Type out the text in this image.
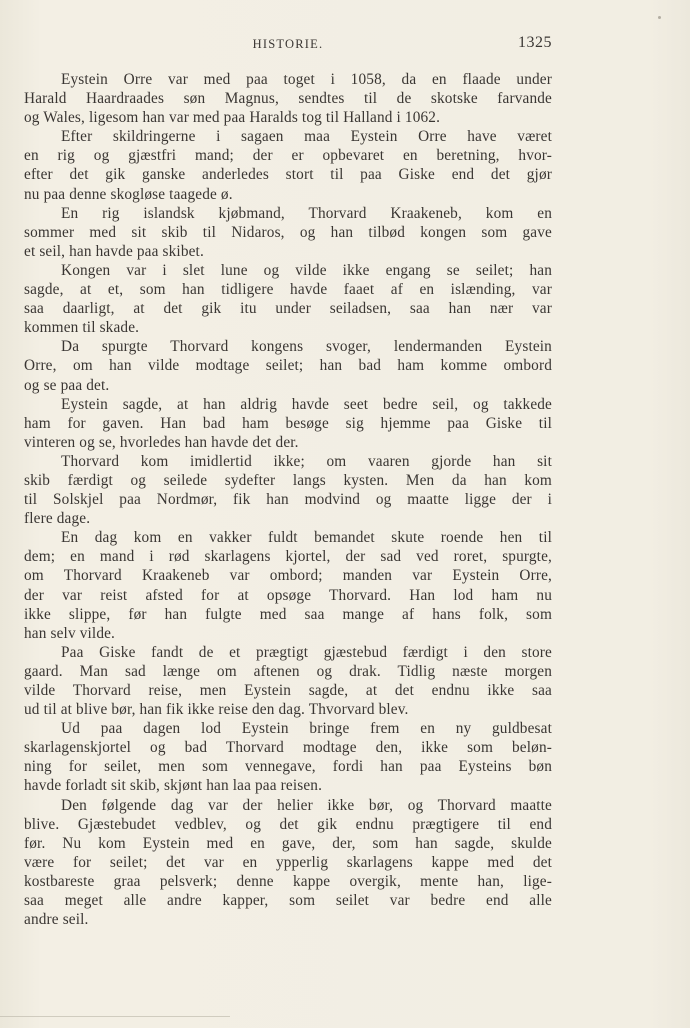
HISTORIE.	1325
Eystein Orre var med paa toget i 1058, da en flaade under
Harald Haardraades søn Magnus, sendtes til de skotske farvande
og Wales, ligesom han var med paa Haralds tog til Halland i 1062.
Efter skildringerne i sagaen maa Eystein Orre have været
en rig og gjæstfri mand; der er opbevaret en beretning, hvor-
efter det gik ganske anderledes stort til paa Giske end det gjør
nu paa denne skogløse taagede ø.
En rig islandsk kjøbmand, Thorvard Kraakeneb, kom en
sommer med sit skib til Nidaros, og han tilbød kongen som gave
et seil, han havde paa skibet.
Kongen var i slet lune og vilde ikke engang se seilet; han
sagde, at et, som han tidligere havde faaet af en islænding, var
saa daarligt, at det gik itu under seiladsen, saa han nær var
kommen til skade.
Da spurgte Thorvard kongens svoger, lendermanden Eystein
Orre, om han vilde modtage seilet; han bad ham komme ombord
og se paa det.
Eystein sagde, at han aldrig havde seet bedre seil, og takkede
ham for gaven. Han bad ham besøge sig hjemme paa Giske til
vinteren og se, hvorledes han havde det der.
Thorvard kom imidlertid ikke; om vaaren gjorde han sit
skib færdigt og seilede sydefter langs kysten. Men da han kom
til Solskjel paa Nordmør, fik han modvind og maatte ligge der i
flere dage.
En dag kom en vakker fuldt bemandet skute roende hen til
dem; en mand i rød skarlagens kjortel, der sad ved roret, spurgte,
om Thorvard Kraakeneb var ombord; manden var Eystein Orre,
der var reist afsted for at opsøge Thorvard. Han lod ham nu
ikke slippe, før han fulgte med saa mange af hans folk, som
han selv vilde.
Paa Giske fandt de et prægtigt gjæstebud færdigt i den store
gaard. Man sad længe om aftenen og drak. Tidlig næste morgen
vilde Thorvard reise, men Eystein sagde, at det endnu ikke saa
ud til at blive bør, han fik ikke reise den dag. Thvorvard blev.
Ud paa dagen lod Eystein bringe frem en ny guldbesat
skarlagenskjortel og bad Thorvard modtage den, ikke som beløn-
ning for seilet, men som vennegave, fordi han paa Eysteins bøn
havde forladt sit skib, skjønt han laa paa reisen.
Den følgende dag var der helier ikke bør, og Thorvard maatte
blive. Gjæstebudet vedblev, og det gik endnu prægtigere til end
før. Nu kom Eystein med en gave, der, som han sagde, skulde
være for seilet; det var en ypperlig skarlagens kappe med det
kostbareste graa pelsverk; denne kappe overgik, mente han, lige-
saa meget alle andre kapper, som seilet var bedre end alle
andre seil.
